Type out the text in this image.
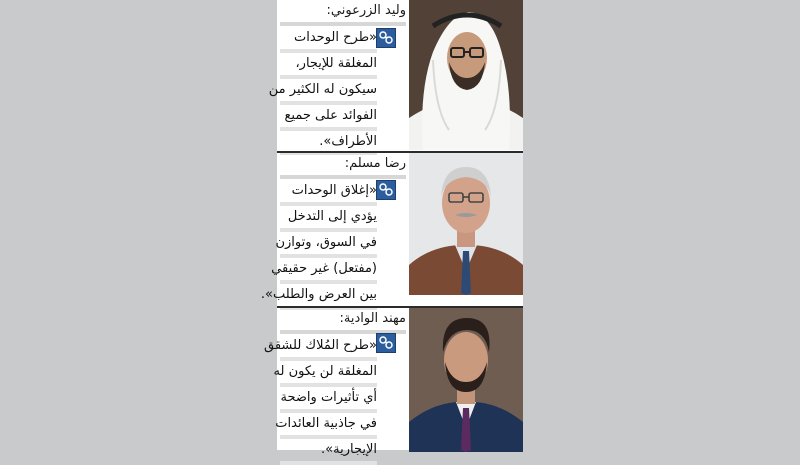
وليد الزرعوني:
«طرح الوحدات
المغلقة للإيجار،
سيكون له الكثير من
الفوائد على جميع
الأطراف».
رضا مسلم:
«إغلاق الوحدات
يؤدي إلى التدخل
في السوق، وتوازن
(مفتعل) غير حقيقي
بين العرض والطلب».
مهند الوادية:
«طرح المُلاك للشقق
المغلقة لن يكون له
أي تأثيرات واضحة
في جاذبية العائدات
الإيجارية».
